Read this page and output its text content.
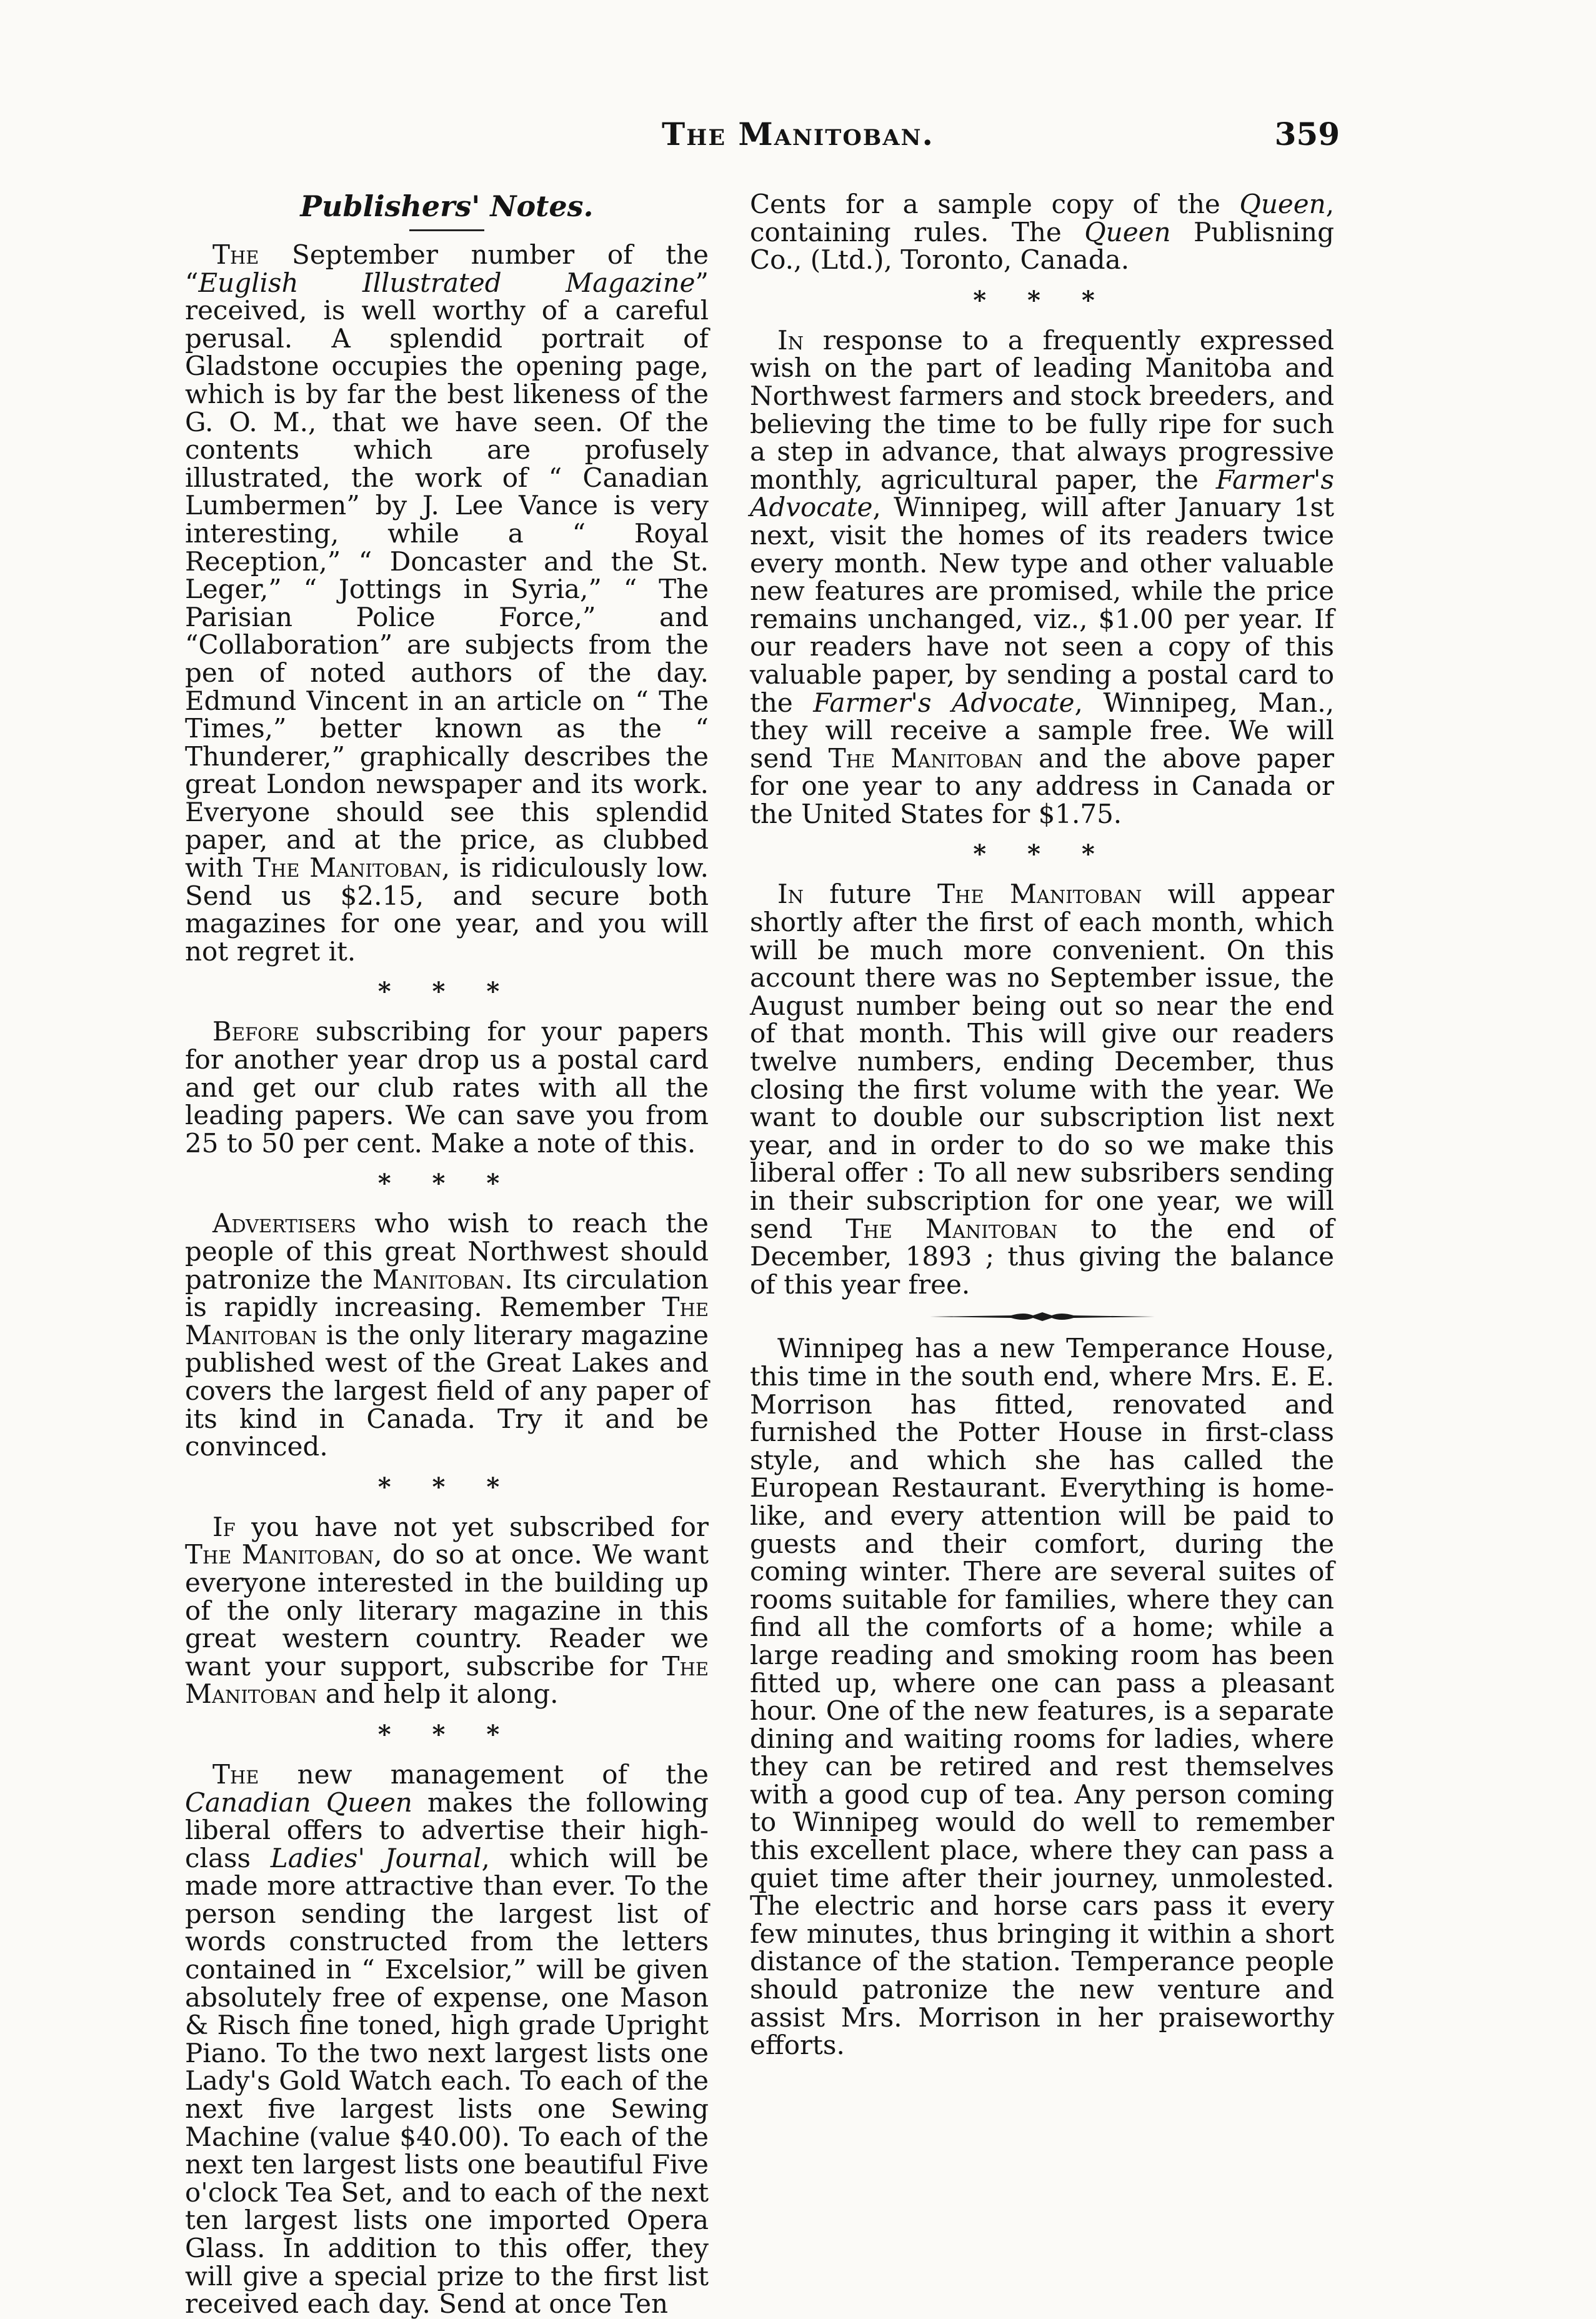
The Manitoban.	359
Publishers' Notes.

The September number of the “Euglish Illustrated Magazine” received, is well worthy of a careful perusal. A splendid portrait of Gladstone occupies the opening page, which is by far the best likeness of the G. O. M., that we have seen. Of the contents which are profusely illustrated, the work of “ Canadian Lumbermen” by J. Lee Vance is very interesting, while a “ Royal Reception,” “ Doncaster and the St. Leger,” “ Jottings in Syria,” “ The Parisian Police Force,” and “Collaboration” are subjects from the pen of noted authors of the day. Edmund Vincent in an article on “ The Times,” better known as the “ Thunderer,” graphically describes the great London newspaper and its work. Everyone should see this splendid paper, and at the price, as clubbed with The Manitoban, is ridiculously low. Send us $2.15, and secure both magazines for one year, and you will not regret it.

* * *

Before subscribing for your papers for another year drop us a postal card and get our club rates with all the leading papers. We can save you from 25 to 50 per cent. Make a note of this.

* * *

Advertisers who wish to reach the people of this great Northwest should patronize the Manitoban. Its circulation is rapidly increasing. Remember The Manitoban is the only literary magazine published west of the Great Lakes and covers the largest field of any paper of its kind in Canada. Try it and be convinced.

* * *

If you have not yet subscribed for The Manitoban, do so at once. We want everyone interested in the building up of the only literary magazine in this great western country. Reader we want your support, subscribe for The Manitoban and help it along.

* * *

The new management of the Canadian Queen makes the following liberal offers to advertise their high-class Ladies' Journal, which will be made more attractive than ever. To the person sending the largest list of words constructed from the letters contained in “ Excelsior,” will be given absolutely free of expense, one Mason & Risch fine toned, high grade Upright Piano. To the two next largest lists one Lady's Gold Watch each. To each of the next five largest lists one Sewing Machine (value $40.00). To each of the next ten largest lists one beautiful Five o'clock Tea Set, and to each of the next ten largest lists one imported Opera Glass. In addition to this offer, they will give a special prize to the first list received each day. Send at once Ten

Cents for a sample copy of the Queen, containing rules. The Queen Publisning Co., (Ltd.), Toronto, Canada.

* * *

In response to a frequently expressed wish on the part of leading Manitoba and Northwest farmers and stock breeders, and believing the time to be fully ripe for such a step in advance, that always progressive monthly, agricultural paper, the Farmer's Advocate, Winnipeg, will after January 1st next, visit the homes of its readers twice every month. New type and other valuable new features are promised, while the price remains unchanged, viz., $1.00 per year. If our readers have not seen a copy of this valuable paper, by sending a postal card to the Farmer's Advocate, Winnipeg, Man., they will receive a sample free. We will send The Manitoban and the above paper for one year to any address in Canada or the United States for $1.75.

* * *

In future The Manitoban will appear shortly after the first of each month, which will be much more convenient. On this account there was no September issue, the August number being out so near the end of that month. This will give our readers twelve numbers, ending December, thus closing the first volume with the year. We want to double our subscription list next year, and in order to do so we make this liberal offer : To all new subsribers sending in their subscription for one year, we will send The Manitoban to the end of December, 1893 ; thus giving the balance of this year free.

Winnipeg has a new Temperance House, this time in the south end, where Mrs. E. E. Morrison has fitted, renovated and furnished the Potter House in first-class style, and which she has called the European Restaurant. Everything is home-like, and every attention will be paid to guests and their comfort, during the coming winter. There are several suites of rooms suitable for families, where they can find all the comforts of a home; while a large reading and smoking room has been fitted up, where one can pass a pleasant hour. One of the new features, is a separate dining and waiting rooms for ladies, where they can be retired and rest themselves with a good cup of tea. Any person coming to Winnipeg would do well to remember this excellent place, where they can pass a quiet time after their journey, unmolested. The electric and horse cars pass it every few minutes, thus bringing it within a short distance of the station. Temperance people should patronize the new venture and assist Mrs. Morrison in her praiseworthy efforts.
